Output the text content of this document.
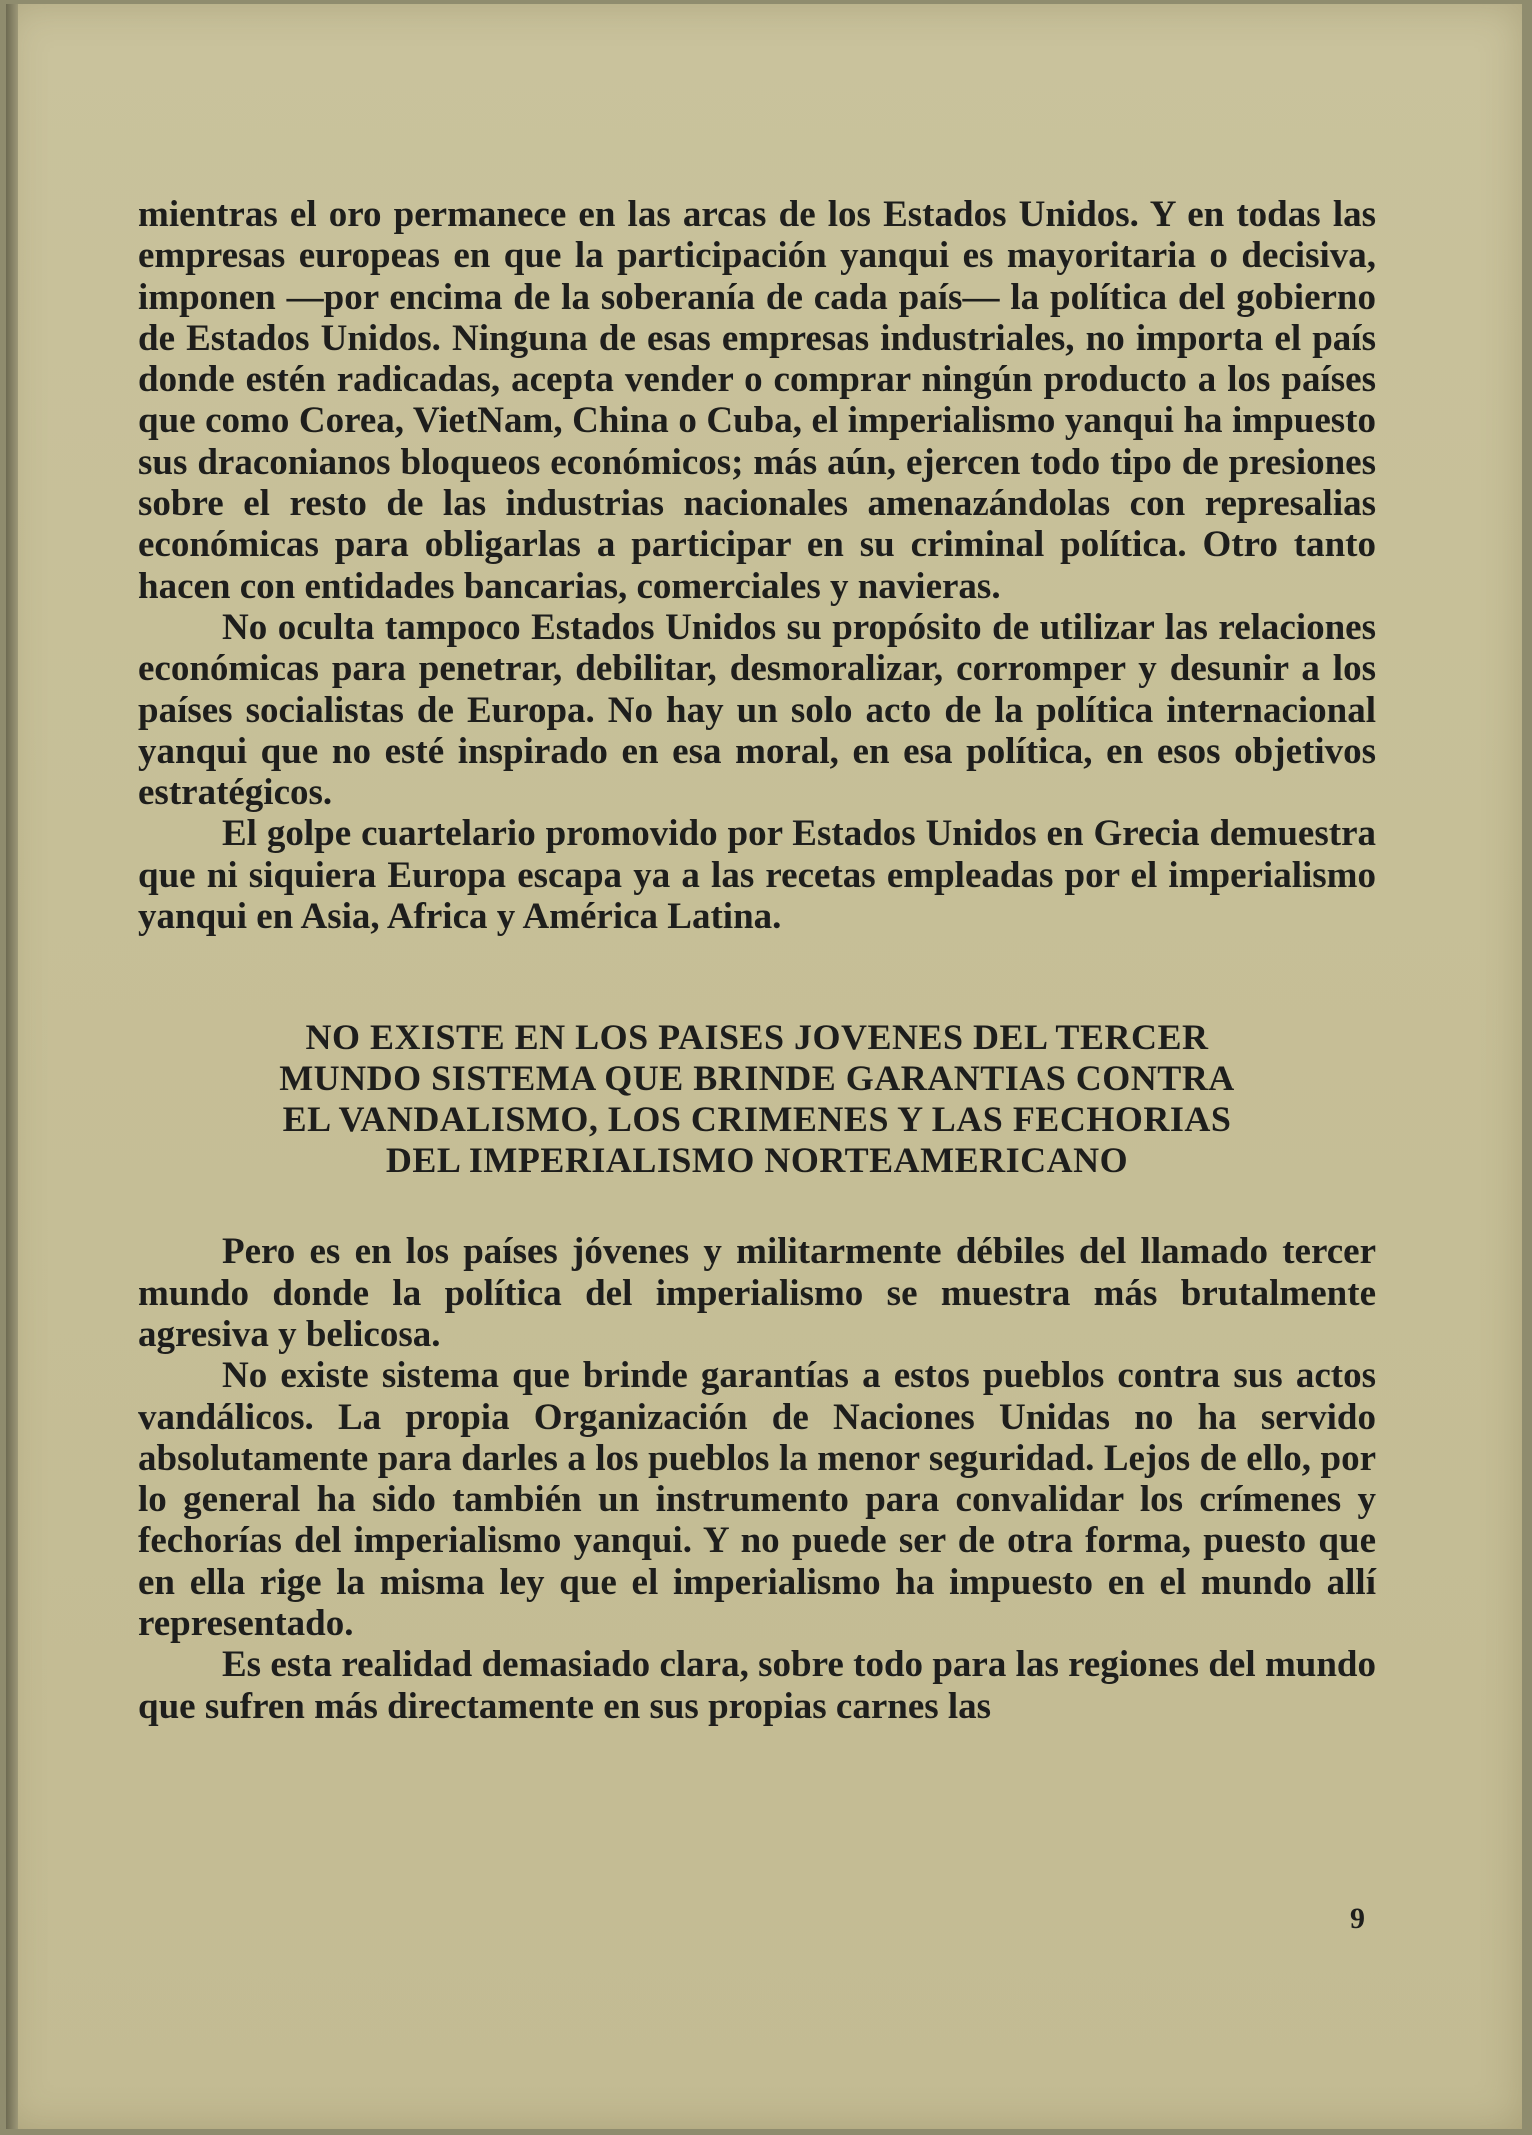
mientras el oro permanece en las arcas de los Estados Unidos. Y en todas las empresas europeas en que la participación yanqui es mayoritaria o decisiva, imponen —por encima de la soberanía de cada país— la política del gobierno de Estados Unidos. Ninguna de esas empresas industriales, no importa el país donde estén radicadas, acepta vender o comprar ningún producto a los países que como Corea, VietNam, China o Cuba, el imperialismo yanqui ha impuesto sus draconianos bloqueos económicos; más aún, ejercen todo tipo de presiones sobre el resto de las industrias nacionales amenazándolas con represalias económicas para obligarlas a participar en su criminal política. Otro tanto hacen con entidades bancarias, comerciales y navieras.

No oculta tampoco Estados Unidos su propósito de utilizar las relaciones económicas para penetrar, debilitar, desmoralizar, corromper y desunir a los países socialistas de Europa. No hay un solo acto de la política internacional yanqui que no esté inspirado en esa moral, en esa política, en esos objetivos estratégicos.

El golpe cuartelario promovido por Estados Unidos en Grecia demuestra que ni siquiera Europa escapa ya a las recetas empleadas por el imperialismo yanqui en Asia, Africa y América Latina.

NO EXISTE EN LOS PAISES JOVENES DEL TERCER
MUNDO SISTEMA QUE BRINDE GARANTIAS CONTRA
EL VANDALISMO, LOS CRIMENES Y LAS FECHORIAS
DEL IMPERIALISMO NORTEAMERICANO

Pero es en los países jóvenes y militarmente débiles del llamado tercer mundo donde la política del imperialismo se muestra más brutalmente agresiva y belicosa.

No existe sistema que brinde garantías a estos pueblos contra sus actos vandálicos. La propia Organización de Naciones Unidas no ha servido absolutamente para darles a los pueblos la menor seguridad. Lejos de ello, por lo general ha sido también un instrumento para convalidar los crímenes y fechorías del imperialismo yanqui. Y no puede ser de otra forma, puesto que en ella rige la misma ley que el imperialismo ha impuesto en el mundo allí representado.

Es esta realidad demasiado clara, sobre todo para las regiones del mundo que sufren más directamente en sus propias carnes las

9
